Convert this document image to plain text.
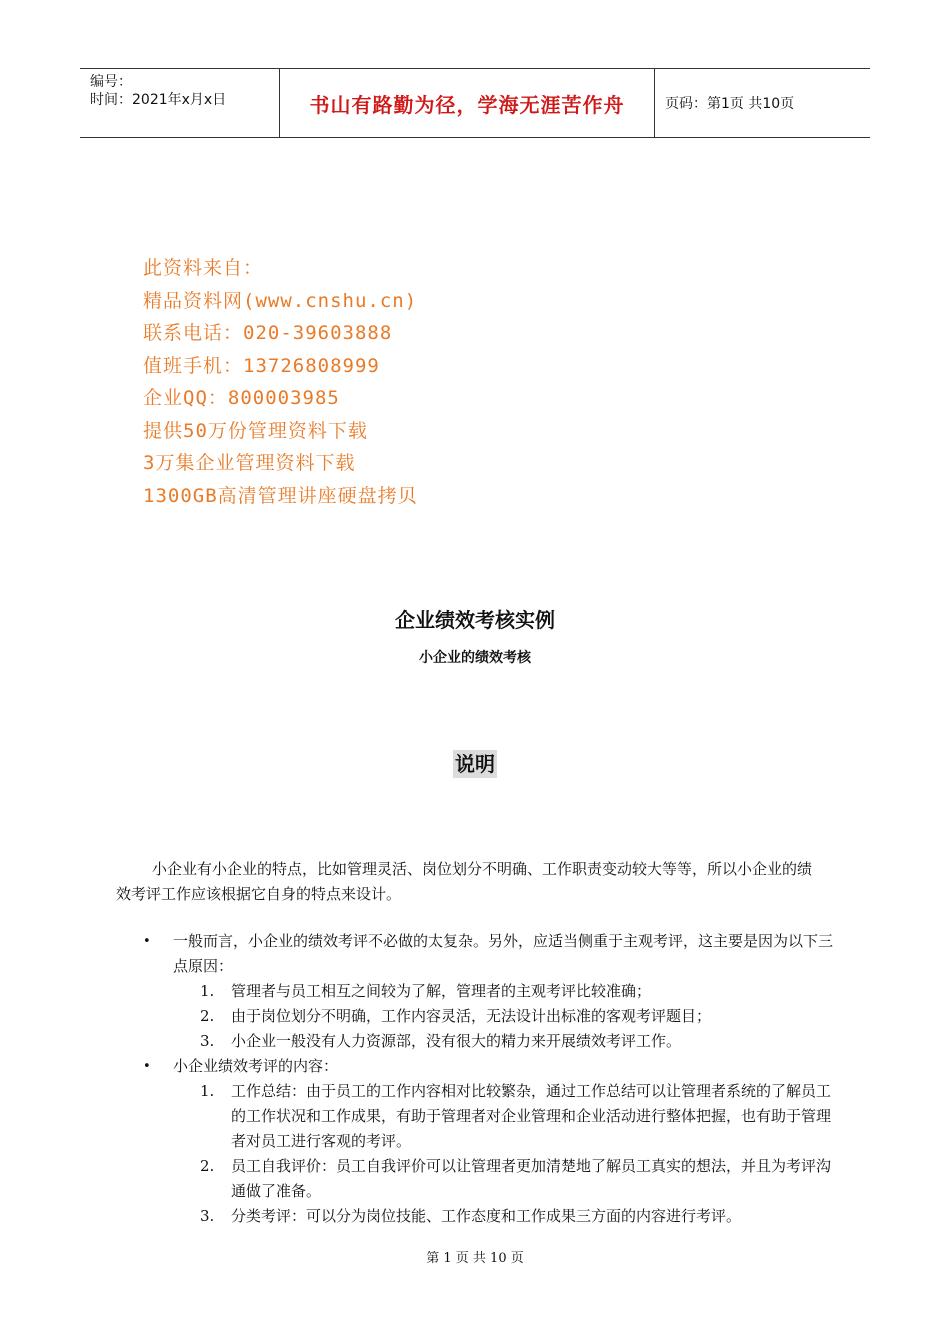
编号：
时间：2021年x月x日	书山有路勤为径，学海无涯苦作舟	页码：第1页 共10页
此资料来自：
精品资料网(www.cnshu.cn)
联系电话：020-39603888
值班手机：13726808999
企业QQ：800003985
提供50万份管理资料下载
3万集企业管理资料下载
1300GB高清管理讲座硬盘拷贝
企业绩效考核实例
小企业的绩效考核
说明
小企业有小企业的特点，比如管理灵活、岗位划分不明确、工作职责变动较大等等，所以小企业的绩效考评工作应该根据它自身的特点来设计。
•	一般而言，小企业的绩效考评不必做的太复杂。另外，应适当侧重于主观考评，这主要是因为以下三点原因：
1.	管理者与员工相互之间较为了解，管理者的主观考评比较准确；
2.	由于岗位划分不明确，工作内容灵活，无法设计出标准的客观考评题目；
3.	小企业一般没有人力资源部，没有很大的精力来开展绩效考评工作。
•	小企业绩效考评的内容：
1.	工作总结：由于员工的工作内容相对比较繁杂，通过工作总结可以让管理者系统的了解员工的工作状况和工作成果，有助于管理者对企业管理和企业活动进行整体把握，也有助于管理者对员工进行客观的考评。
2.	员工自我评价：员工自我评价可以让管理者更加清楚地了解员工真实的想法，并且为考评沟通做了准备。
3.	分类考评：可以分为岗位技能、工作态度和工作成果三方面的内容进行考评。
第 1 页 共 10 页
